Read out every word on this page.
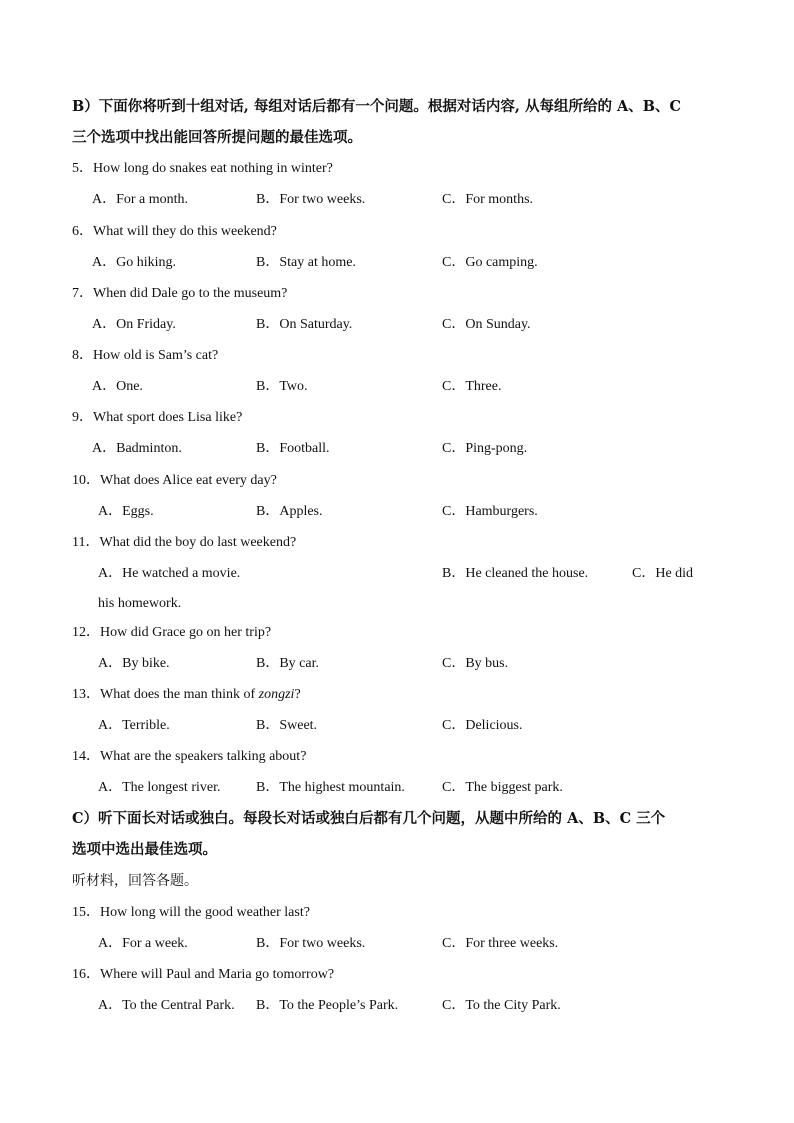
B）下面你将听到十组对话, 每组对话后都有一个问题。根据对话内容, 从每组所给的 A、B、C
三个选项中找出能回答所提问题的最佳选项。
5．How long do snakes eat nothing in winter?
A．For a month.	B．For two weeks.	C．For months.
6．What will they do this weekend?
A．Go hiking.	B．Stay at home.	C．Go camping.
7．When did Dale go to the museum?
A．On Friday.	B．On Saturday.	C．On Sunday.
8．How old is Sam’s cat?
A．One.	B．Two.	C．Three.
9．What sport does Lisa like?
A．Badminton.	B．Football.	C．Ping-pong.
10．What does Alice eat every day?
A．Eggs.	B．Apples.	C．Hamburgers.
11．What did the boy do last weekend?
A．He watched a movie.	B．He cleaned the house.	C．He did
his homework.
12．How did Grace go on her trip?
A．By bike.	B．By car.	C．By bus.
13．What does the man think of zongzi?
A．Terrible.	B．Sweet.	C．Delicious.
14．What are the speakers talking about?
A．The longest river.	B．The highest mountain.	C．The biggest park.
C）听下面长对话或独白。每段长对话或独白后都有几个问题，从题中所给的 A、B、C 三个
选项中选出最佳选项。
听材料，回答各题。
15．How long will the good weather last?
A．For a week.	B．For two weeks.	C．For three weeks.
16．Where will Paul and Maria go tomorrow?
A．To the Central Park. B．To the People’s Park.	C．To the City Park.
